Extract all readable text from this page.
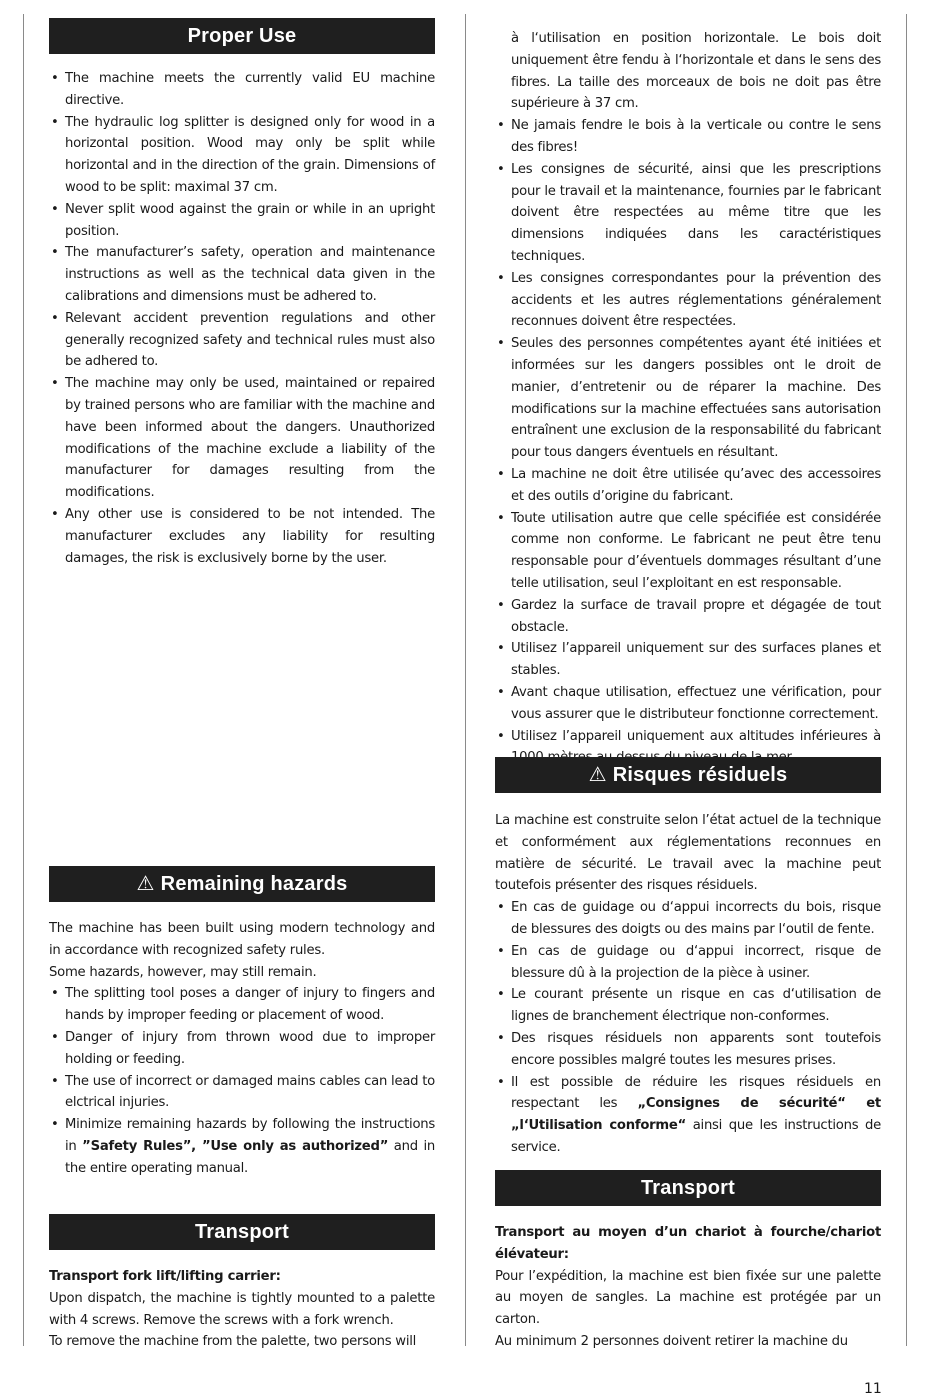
Proper Use
• The machine meets the currently valid EU machine directive.
• The hydraulic log splitter is designed only for wood in a horizontal position. Wood may only be split while horizontal and in the direction of the grain. Dimensions of wood to be split: maximal 37 cm.
• Never split wood against the grain or while in an upright position.
• The manufacturer’s safety, operation and maintenance instructions as well as the technical data given in the calibrations and dimensions must be adhered to.
• Relevant accident prevention regulations and other generally recognized safety and technical rules must also be adhered to.
• The machine may only be used, maintained or repaired by trained persons who are familiar with the machine and have been informed about the dangers. Unauthorized modifications of the machine exclude a liability of the manufacturer for damages resulting from the modifications.
• Any other use is considered to be not intended. The manufacturer excludes any liability for resulting damages, the risk is exclusively borne by the user.
⚠ Remaining hazards

The machine has been built using modern technology and in accordance with recognized safety rules.

Some hazards, however, may still remain.

• The splitting tool poses a danger of injury to fingers and hands by improper feeding or placement of wood.
• Danger of injury from thrown wood due to improper holding or feeding.
• The use of incorrect or damaged mains cables can lead to elctrical injuries.
• Minimize remaining hazards by following the instructions in ”Safety Rules”, ”Use only as authorized” and in the entire operating manual.
Transport

Transport fork lift/lifting carrier:

Upon dispatch, the machine is tightly mounted to a palette with 4 screws. Remove the screws with a fork wrench.

To remove the machine from the palette, two persons will

à l‘utilisation en position horizontale. Le bois doit uniquement être fendu à l‘horizontale et dans le sens des fibres. La taille des morceaux de bois ne doit pas être supérieure à 37 cm.
• Ne jamais fendre le bois à la verticale ou contre le sens des fibres!
• Les consignes de sécurité, ainsi que les prescriptions pour le travail et la maintenance, fournies par le fabricant doivent être respectées au même titre que les dimensions indiquées dans les caractéristiques techniques.
• Les consignes correspondantes pour la prévention des accidents et les autres réglementations généralement reconnues doivent être respectées.
• Seules des personnes compétentes ayant été initiées et informées sur les dangers possibles ont le droit de manier, d’entretenir ou de réparer la machine. Des modifications sur la machine effectuées sans autorisation entraînent une exclusion de la responsabilité du fabricant pour tous dangers éventuels en résultant.
• La machine ne doit être utilisée qu’avec des accessoires et des outils d’origine du fabricant.
• Toute utilisation autre que celle spécifiée est considérée comme non conforme. Le fabricant ne peut être tenu responsable pour d’éventuels dommages résultant d’une telle utilisation, seul l’exploitant en est responsable.
• Gardez la surface de travail propre et dégagée de tout obstacle.
• Utilisez l’appareil uniquement sur des surfaces planes et stables.
• Avant chaque utilisation, effectuez une vérification, pour vous assurer que le distributeur fonctionne correctement.
• Utilisez l’appareil uniquement aux altitudes inférieures à
⚠ Risques résiduels

La machine est construite selon l’état actuel de la technique et conformément aux réglementations reconnues en matière de sécurité. Le travail avec la machine peut toutefois présenter des risques résiduels.

• En cas de guidage ou d‘appui incorrects du bois, risque de blessures des doigts ou des mains par l‘outil de fente.
• En cas de guidage ou d‘appui incorrect, risque de blessure dû à la projection de la pièce à usiner.
• Le courant présente un risque en cas d‘utilisation de lignes de branchement électrique non-conformes.
• Des risques résiduels non apparents sont toutefois encore possibles malgré toutes les mesures prises.
• Il est possible de réduire les risques résiduels en respectant les „Consignes de sécurité“ et „l‘Utilisation conforme“ ainsi que les instructions de service.
Transport

Transport au moyen d’un chariot à fourche/chariot élévateur:

Pour l’expédition, la machine est bien fixée sur une palette au moyen de sangles. La machine est protégée par un carton.

Au minimum 2 personnes doivent retirer la machine du

11
